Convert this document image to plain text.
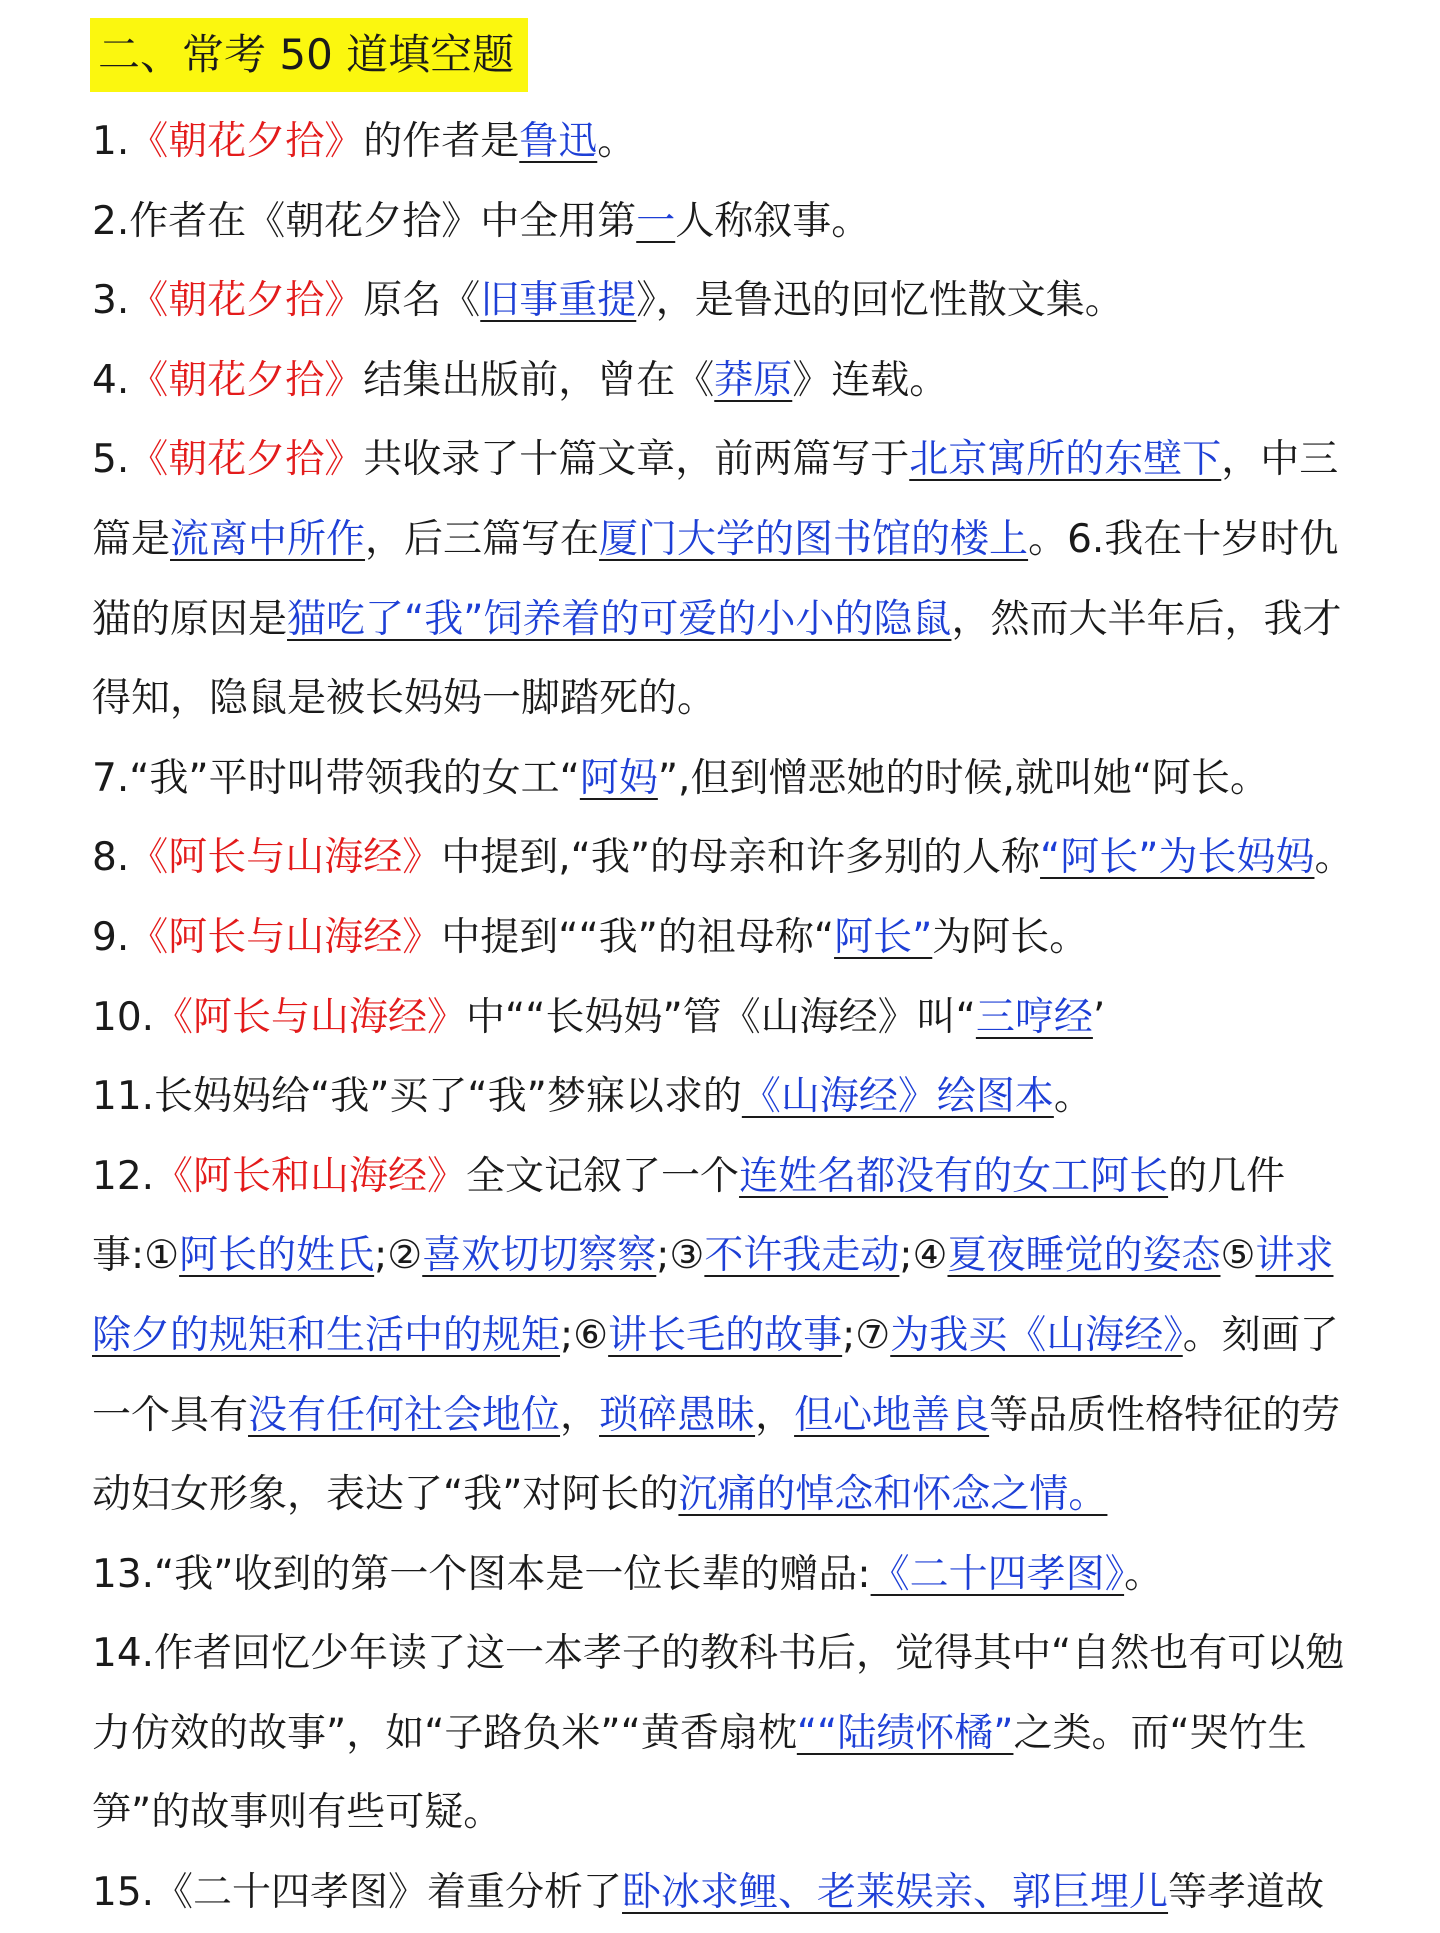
二、常考 50 道填空题

1.《朝花夕拾》的作者是鲁迅。

2.作者在《朝花夕拾》中全用第一人称叙事。

3.《朝花夕拾》原名《旧事重提》，是鲁迅的回忆性散文集。

4.《朝花夕拾》结集出版前，曾在《莽原》连载。

5.《朝花夕拾》共收录了十篇文章，前两篇写于北京寓所的东壁下，中三篇是流离中所作，后三篇写在厦门大学的图书馆的楼上。6.我在十岁时仇猫的原因是猫吃了“我”饲养着的可爱的小小的隐鼠，然而大半年后，我才得知，隐鼠是被长妈妈一脚踏死的。

7.“我”平时叫带领我的女工“阿妈”,但到憎恶她的时候,就叫她“阿长。

8.《阿长与山海经》中提到,“我”的母亲和许多别的人称“阿长”为长妈妈。

9.《阿长与山海经》中提到““我”的祖母称“阿长”为阿长。

10.《阿长与山海经》中““长妈妈”管《山海经》叫“三哼经’

11.长妈妈给“我”买了“我”梦寐以求的《山海经》绘图本。

12.《阿长和山海经》全文记叙了一个连姓名都没有的女工阿长的几件事:①阿长的姓氏;②喜欢切切察察;③不许我走动;④夏夜睡觉的姿态⑤讲求除夕的规矩和生活中的规矩;⑥讲长毛的故事;⑦为我买《山海经》。刻画了一个具有没有任何社会地位，琐碎愚昧，但心地善良等品质性格特征的劳动妇女形象，表达了“我”对阿长的沉痛的悼念和怀念之情。

13.“我”收到的第一个图本是一位长辈的赠品:《二十四孝图》。

14.作者回忆少年读了这一本孝子的教科书后，觉得其中“自然也有可以勉力仿效的故事”，如“子路负米”“黄香扇枕““陆绩怀橘”之类。而“哭竹生笋”的故事则有些可疑。

15.《二十四孝图》着重分析了卧冰求鲤、老莱娱亲、郭巨埋儿等孝道故
